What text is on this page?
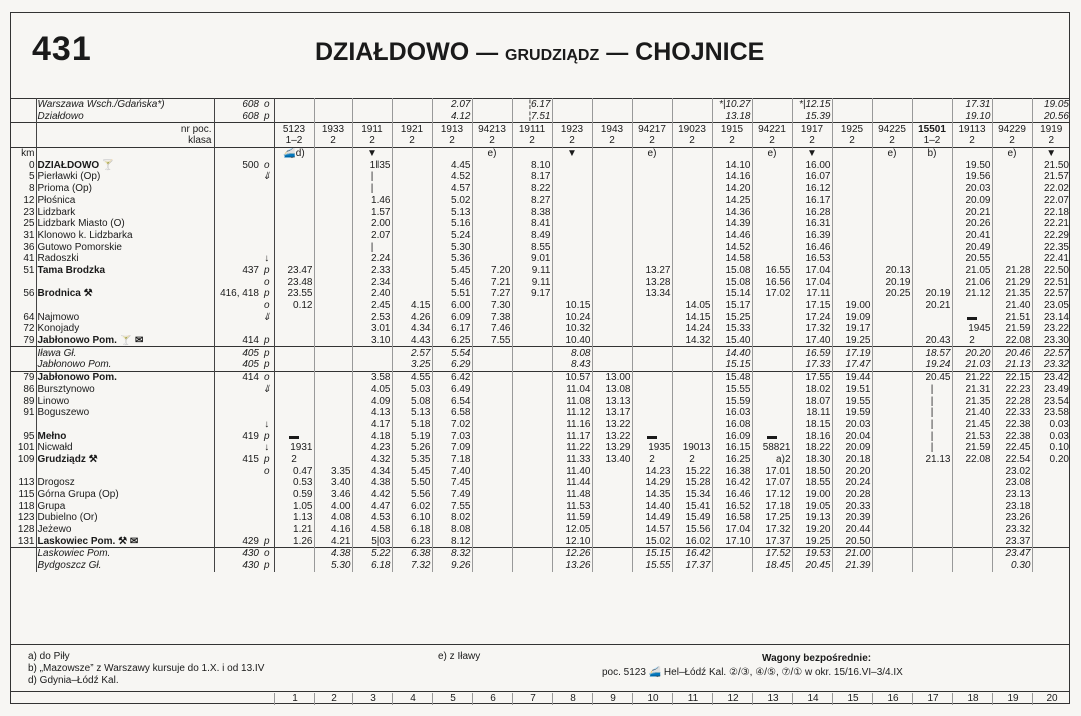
431	DZIAŁDOWO — GRUDZIĄDZ — CHOJNICE
	Warszawa Wsch./Gdańska*)	608	o					2.07		¦6.17					*|10.27		*|12.15				17.31		19.05
	Działdowo	608	p					4.12		¦7.51					13.18		15.39				19.10		20.56
	nr poc.			5123	1933	1911	1921	1913	94213	19111	1923	1943	94217	19023	1915	94221	1917	1925	94225	15501	19113	94229	1919
	klasa			1–2	2	2	2	2	2	2	2	2	2	2	2	2	2	2	2	1–2	2	2	2
km				🚄d)		▼			e)		▼		e)			e)	▼		e)	b)		e)	▼
0	DZIAŁDOWO 🍸	500	o			1‖35		4.45		8.10					14.10		16.00				19.50		21.50
5	Pierławki (Op)		⇓			|		4.52		8.17					14.16		16.07				19.56		21.57
8	Prioma (Op)					|		4.57		8.22					14.20		16.12				20.03		22.02
12	Płośnica					1.46		5.02		8.27					14.25		16.17				20.09		22.07
23	Lidzbark					1.57		5.13		8.38					14.36		16.28				20.21		22.18
25	Lidzbark Miasto (O)					2.00		5.16		8.41					14.39		16.31				20.26		22.21
31	Klonowo k. Lidzbarka					2.07		5.24		8.49					14.46		16.39				20.41		22.29
36	Gutowo Pomorskie					|		5.30		8.55					14.52		16.46				20.49		22.35
41	Radoszki		↓			2.24		5.36		9.01					14.58		16.53				20.55		22.41
51	Tama Brodzka	437	p	23.47		2.33		5.45	7.20	9.11			13.27		15.08	16.55	17.04		20.13		21.05	21.28	22.50
			o	23.48		2.34		5.46	7.21	9.11			13.28		15.08	16.56	17.04		20.19		21.06	21.29	22.51
56	Brodnica ⚒	416, 418	p	23.55		2.40		5.51	7.27	9.17			13.34		15.14	17.02	17.11		20.25	20.19	21.12	21.35	22.57
			o	0.12		2.45	4.15	6.00	7.30		10.15			14.05	15.17		17.15	19.00		20.21		21.40	23.05
64	Najmowo		⇓			2.53	4.26	6.09	7.38		10.24			14.15	15.25		17.24	19.09			▬	21.51	23.14
72	Konojady					3.01	4.34	6.17	7.46		10.32			14.24	15.33		17.32	19.17			1945	21.59	23.22
79	Jabłonowo Pom. 🍸 ✉	414	p			3.10	4.43	6.25	7.55		10.40			14.32	15.40		17.40	19.25		20.43	2	22.08	23.30
	Iława Gł.	405	p				2.57	5.54			8.08				14.40		16.59	17.19		18.57	20.20	20.46	22.57
	Jabłonowo Pom.	405	p				3.25	6.29			8.43				15.15		17.33	17.47		19.24	21.03	21.13	23.32
79	Jabłonowo Pom.	414	o			3.58	4.55	6.42			10.57	13.00			15.48		17.55	19.44		20.45	21.22	22.15	23.42
86	Bursztynowo		⇓			4.05	5.03	6.49			11.04	13.08			15.55		18.02	19.51		|	21.31	22.23	23.49
89	Linowo					4.09	5.08	6.54			11.08	13.13			15.59		18.07	19.55		|	21.35	22.28	23.54
91	Boguszewo					4.13	5.13	6.58			11.12	13.17			16.03		18.11	19.59		|	21.40	22.33	23.58
			↓			4.17	5.18	7.02			11.16	13.22			16.08		18.15	20.03		|	21.45	22.38	0.03
95	Mełno	419	p	▬		4.18	5.19	7.03			11.17	13.22	▬		16.09	▬	18.16	20.04		|	21.53	22.38	0.03
101	Nicwałd		↓	1931		4.23	5.26	7.09			11.22	13.29	1935	19013	16.15	58821	18.22	20.09		|	21.59	22.45	0.10
109	Grudziądz ⚒	415	p	2		4.32	5.35	7.18			11.33	13.40	2	2	16.25	a)2	18.30	20.18		21.13	22.08	22.54	0.20
			o	0.47	3.35	4.34	5.45	7.40			11.40		14.23	15.22	16.38	17.01	18.50	20.20				23.02	
113	Drogosz			0.53	3.40	4.38	5.50	7.45			11.44		14.29	15.28	16.42	17.07	18.55	20.24				23.08	
115	Górna Grupa (Op)			0.59	3.46	4.42	5.56	7.49			11.48		14.35	15.34	16.46	17.12	19.00	20.28				23.13	
118	Grupa			1.05	4.00	4.47	6.02	7.55			11.53		14.40	15.41	16.52	17.18	19.05	20.33				23.18	
123	Dubielno (Or)			1.13	4.08	4.53	6.10	8.02			11.59		14.49	15.49	16.58	17.25	19.13	20.39				23.26	
128	Jeżewo			1.21	4.16	4.58	6.18	8.08			12.05		14.57	15.56	17.04	17.32	19.20	20.44				23.32	
131	Laskowiec Pom. ⚒ ✉	429	p	1.26	4.21	5|03	6.23	8.12			12.10		15.02	16.02	17.10	17.37	19.25	20.50				23.37	
	Laskowiec Pom.	430	o		4.38	5.22	6.38	8.32			12.26		15.15	16.42		17.52	19.53	21.00				23.47	
	Bydgoszcz Gł.	430	p		5.30	6.18	7.32	9.26			13.26		15.55	17.37		18.45	20.45	21.39				0.30	
a) do Piły
b) „Mazowsze” z Warszawy kursuje do 1.X. i od 13.IV
d) Gdynia–Łódź Kal.
e) z Iławy	Wagony bezpośrednie:
poc. 5123 🚄 Hel–Łódź Kal. ②/③, ④/⑤, ⑦/① w okr. 15/16.VI–3/4.IX
1	2	3	4	5	6	7	8	9	10	11	12	13	14	15	16	17	18	19	20
